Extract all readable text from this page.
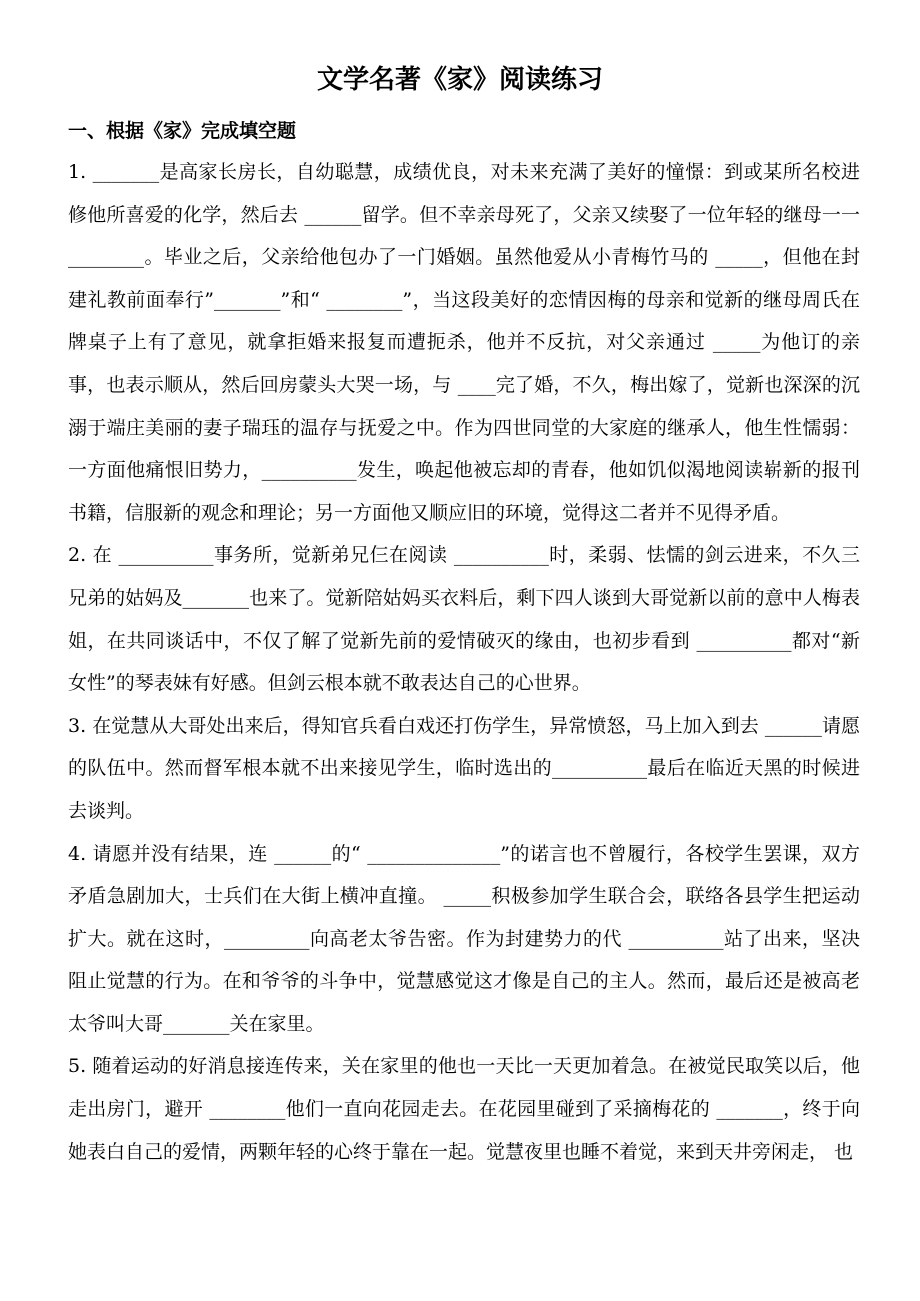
文学名著《家》阅读练习
一、根据《家》完成填空题

1. _______是高家长房长，自幼聪慧，成绩优良，对未来充满了美好的憧憬：到或某所名校进修他所喜爱的化学，然后去 ______留学。但不幸亲母死了，父亲又续娶了一位年轻的继母一一________。毕业之后，父亲给他包办了一门婚姻。虽然他爱从小青梅竹马的 _____，但他在封建礼教前面奉行”_______”和“ ________”，当这段美好的恋情因梅的母亲和觉新的继母周氏在牌桌子上有了意见，就拿拒婚来报复而遭扼杀，他并不反抗，对父亲通过 _____为他订的亲事，也表示顺从，然后回房蒙头大哭一场，与 ____完了婚，不久，梅出嫁了，觉新也深深的沉溺于端庄美丽的妻子瑞珏的温存与抚爱之中。作为四世同堂的大家庭的继承人，他生性懦弱：一方面他痛恨旧势力，__________发生，唤起他被忘却的青春，他如饥似渴地阅读崭新的报刊书籍，信服新的观念和理论；另一方面他又顺应旧的环境，觉得这二者并不见得矛盾。

2. 在 __________事务所，觉新弟兄仨在阅读 __________时，柔弱、怯懦的剑云进来，不久三兄弟的姑妈及_______也来了。觉新陪姑妈买衣料后，剩下四人谈到大哥觉新以前的意中人梅表姐，在共同谈话中，不仅了解了觉新先前的爱情破灭的缘由，也初步看到 __________都对“新女性”的琴表妹有好感。但剑云根本就不敢表达自己的心世界。

3. 在觉慧从大哥处出来后，得知官兵看白戏还打伤学生，异常愤怒，马上加入到去 ______请愿的队伍中。然而督军根本就不出来接见学生，临时选出的__________最后在临近天黑的时候进去谈判。

4. 请愿并没有结果，连 ______的“ ______________”的诺言也不曾履行，各校学生罢课，双方矛盾急剧加大，士兵们在大街上横冲直撞。 _____积极参加学生联合会，联络各县学生把运动扩大。就在这时，_________向高老太爷告密。作为封建势力的代 __________站了出来，坚决阻止觉慧的行为。在和爷爷的斗争中，觉慧感觉这才像是自己的主人。然而，最后还是被高老太爷叫大哥_______关在家里。

5. 随着运动的好消息接连传来，关在家里的他也一天比一天更加着急。在被觉民取笑以后，他走出房门，避开 ________他们一直向花园走去。在花园里碰到了采摘梅花的 _______，终于向她表白自己的爱情，两颗年轻的心终于靠在一起。觉慧夜里也睡不着觉，来到天井旁闲走， 也
